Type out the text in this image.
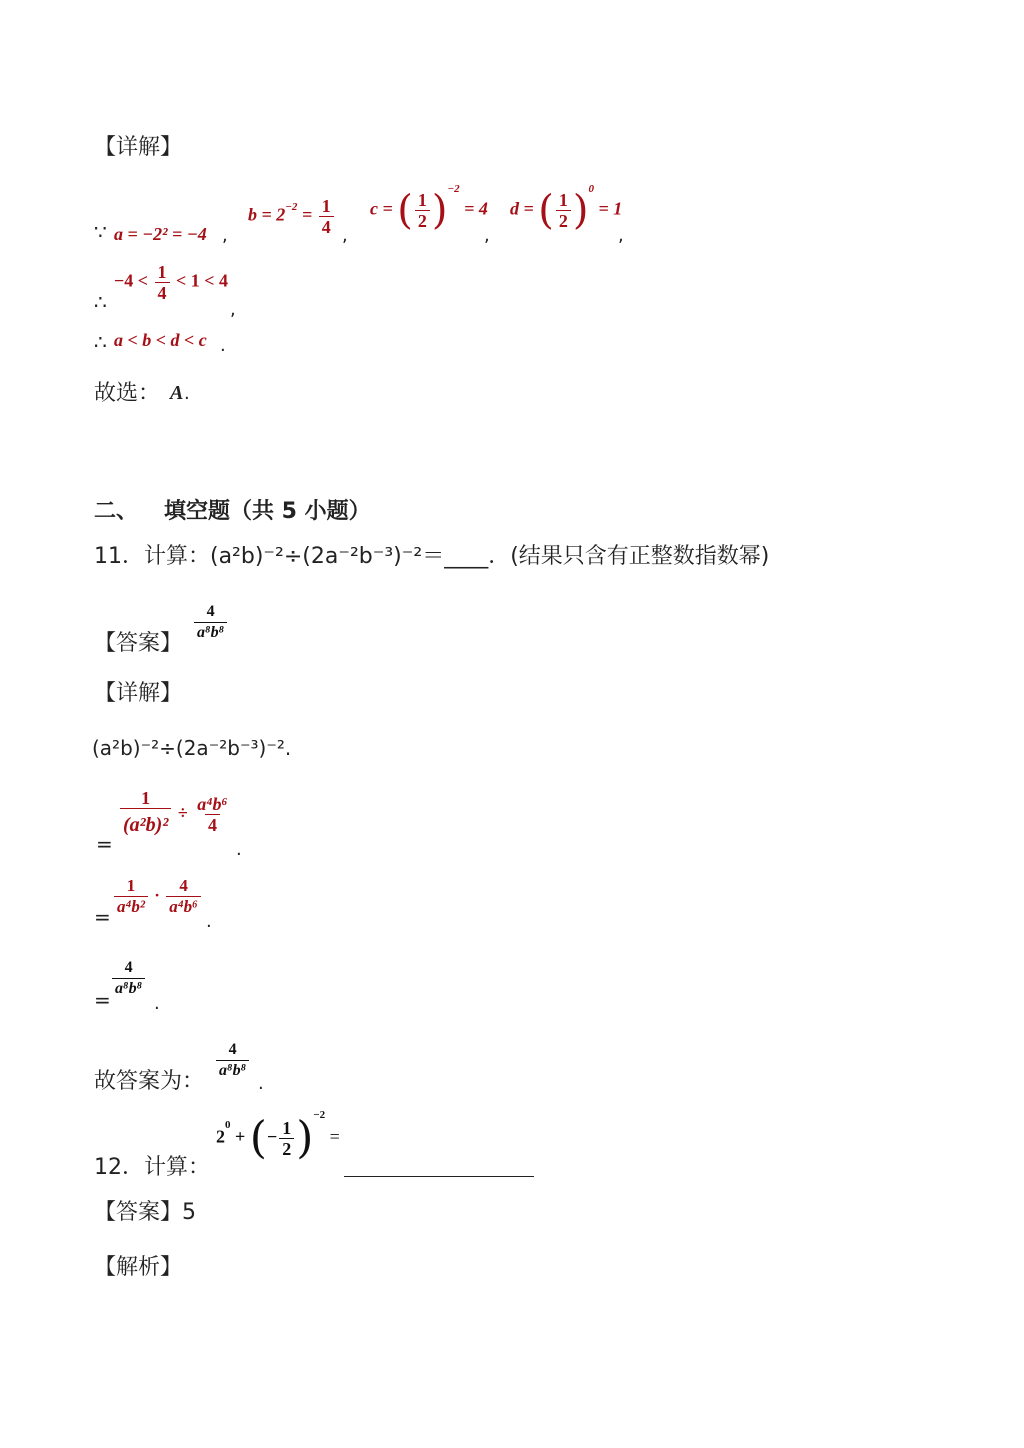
【详解】
∵ a = −2² = −4 ,
$b = 2^{-2} = \frac{1}{4}$ ,
c = ( $\frac{1}{2} )^{-2} = 4$
,
d = ( $\frac{1}{2} )^0 = 1$
,
∴
$-4 < \frac{1}{4} < 1 < 4$
,
∴ a < b < d < c .
故选： A .
二、 填空题（共 5 小题）
11．计算：(a²b)⁻²÷(2a⁻²b⁻³)⁻²＝____．(结果只含有正整数指数幂)
【答案】
$\frac{4}{\text{a⁸b⁸}}$
【详解】
(a²b)⁻²÷(2a⁻²b⁻³)⁻².
=
$\frac{1}{\text{(a²b)²}} \div \frac{\text{a⁴b⁶}}{4}$
.
= $\frac{1}{\text{a⁴b²}} \cdot \frac{4}{\text{a⁴b⁶}}$
.
=
$\frac{4}{\text{a⁸b⁸}}$
.
故答案为：
$\frac{4}{\text{a⁸b⁸}}$
.
12．计算：
$2^0$ + (− $\frac{1}{2} )^{-2}$ =
【答案】5
【解析】
